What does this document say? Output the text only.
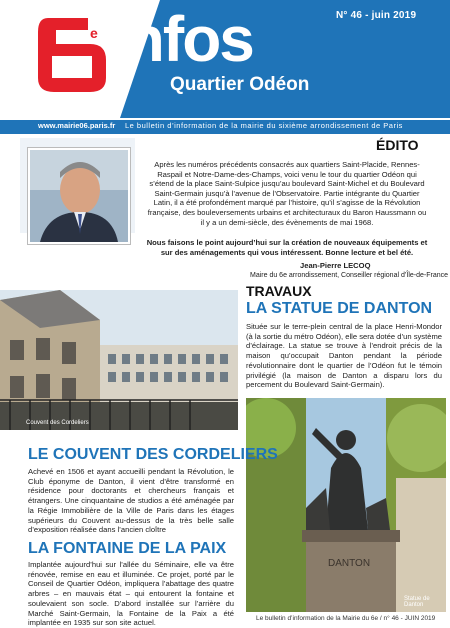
e infos	N° 46 - juin 2019
Quartier Odéon
www.mairie06.paris.fr Le bulletin d’information de la mairie du sixième arrondissement de Paris
ÉDITO
Après les numéros précédents consacrés aux quartiers Saint-Placide, Rennes-Raspail et Notre-Dame-des-Champs, voici venu le tour du quartier Odéon qui s’étend de la place Saint-Sulpice jusqu’au boulevard Saint-Michel et du Boulevard Saint-Germain jusqu’à l’avenue de l’Observatoire. Partie intégrante du Quartier Latin, il a été profondément marqué par l’histoire, qu’il s’agisse de la Révolution française, des bouleversements urbains et architecturaux du Baron Haussmann ou il y a un demi-siècle, des évènements de mai 1968.
Nous faisons le point aujourd’hui sur la création de nouveaux équipements et sur des aménagements qui vous intéressent. Bonne lecture et bel été.
Jean-Pierre LECOQ
Maire du 6e arrondissement, Conseiller régional d’Île-de-France
Couvent des Cordeliers
DANTON
Statue de Danton
TRAVAUX
LA STATUE DE DANTON
Située sur le terre-plein central de la place Henri-Mondor (à la sortie du métro Odéon), elle sera dotée d’un système d’éclairage. La statue se trouve à l’endroit précis de la maison qu’occupait Danton pendant la période révolutionnaire dont le quartier de l’Odéon fut le témoin privilégié (la maison de Danton a disparu lors du percement du Boulevard Saint-Germain).
LE COUVENT DES CORDELIERS
Achevé en 1506 et ayant accueilli pendant la Révolution, le Club éponyme de Danton, il vient d’être transformé en résidence pour doctorants et chercheurs français et étrangers. Une cinquantaine de studios a été aménagée par la Régie Immobilière de la Ville de Paris dans les étages supérieurs du Couvent au-dessus de la très belle salle d’exposition réalisée dans l’ancien cloître
LA FONTAINE DE LA PAIX
Implantée aujourd’hui sur l’allée du Séminaire, elle va être rénovée, remise en eau et illuminée. Ce projet, porté par le Conseil de Quartier Odéon, impliquera l’abattage des quatre arbres – en mauvais état – qui entourent la fontaine et soulevaient son socle. D’abord installée sur l’arrière du Marché Saint-Germain, la Fontaine de la Paix a été implantée en 1935 sur son site actuel.	Le bulletin d’information de la Mairie du 6e / n° 46 - JUIN 2019
